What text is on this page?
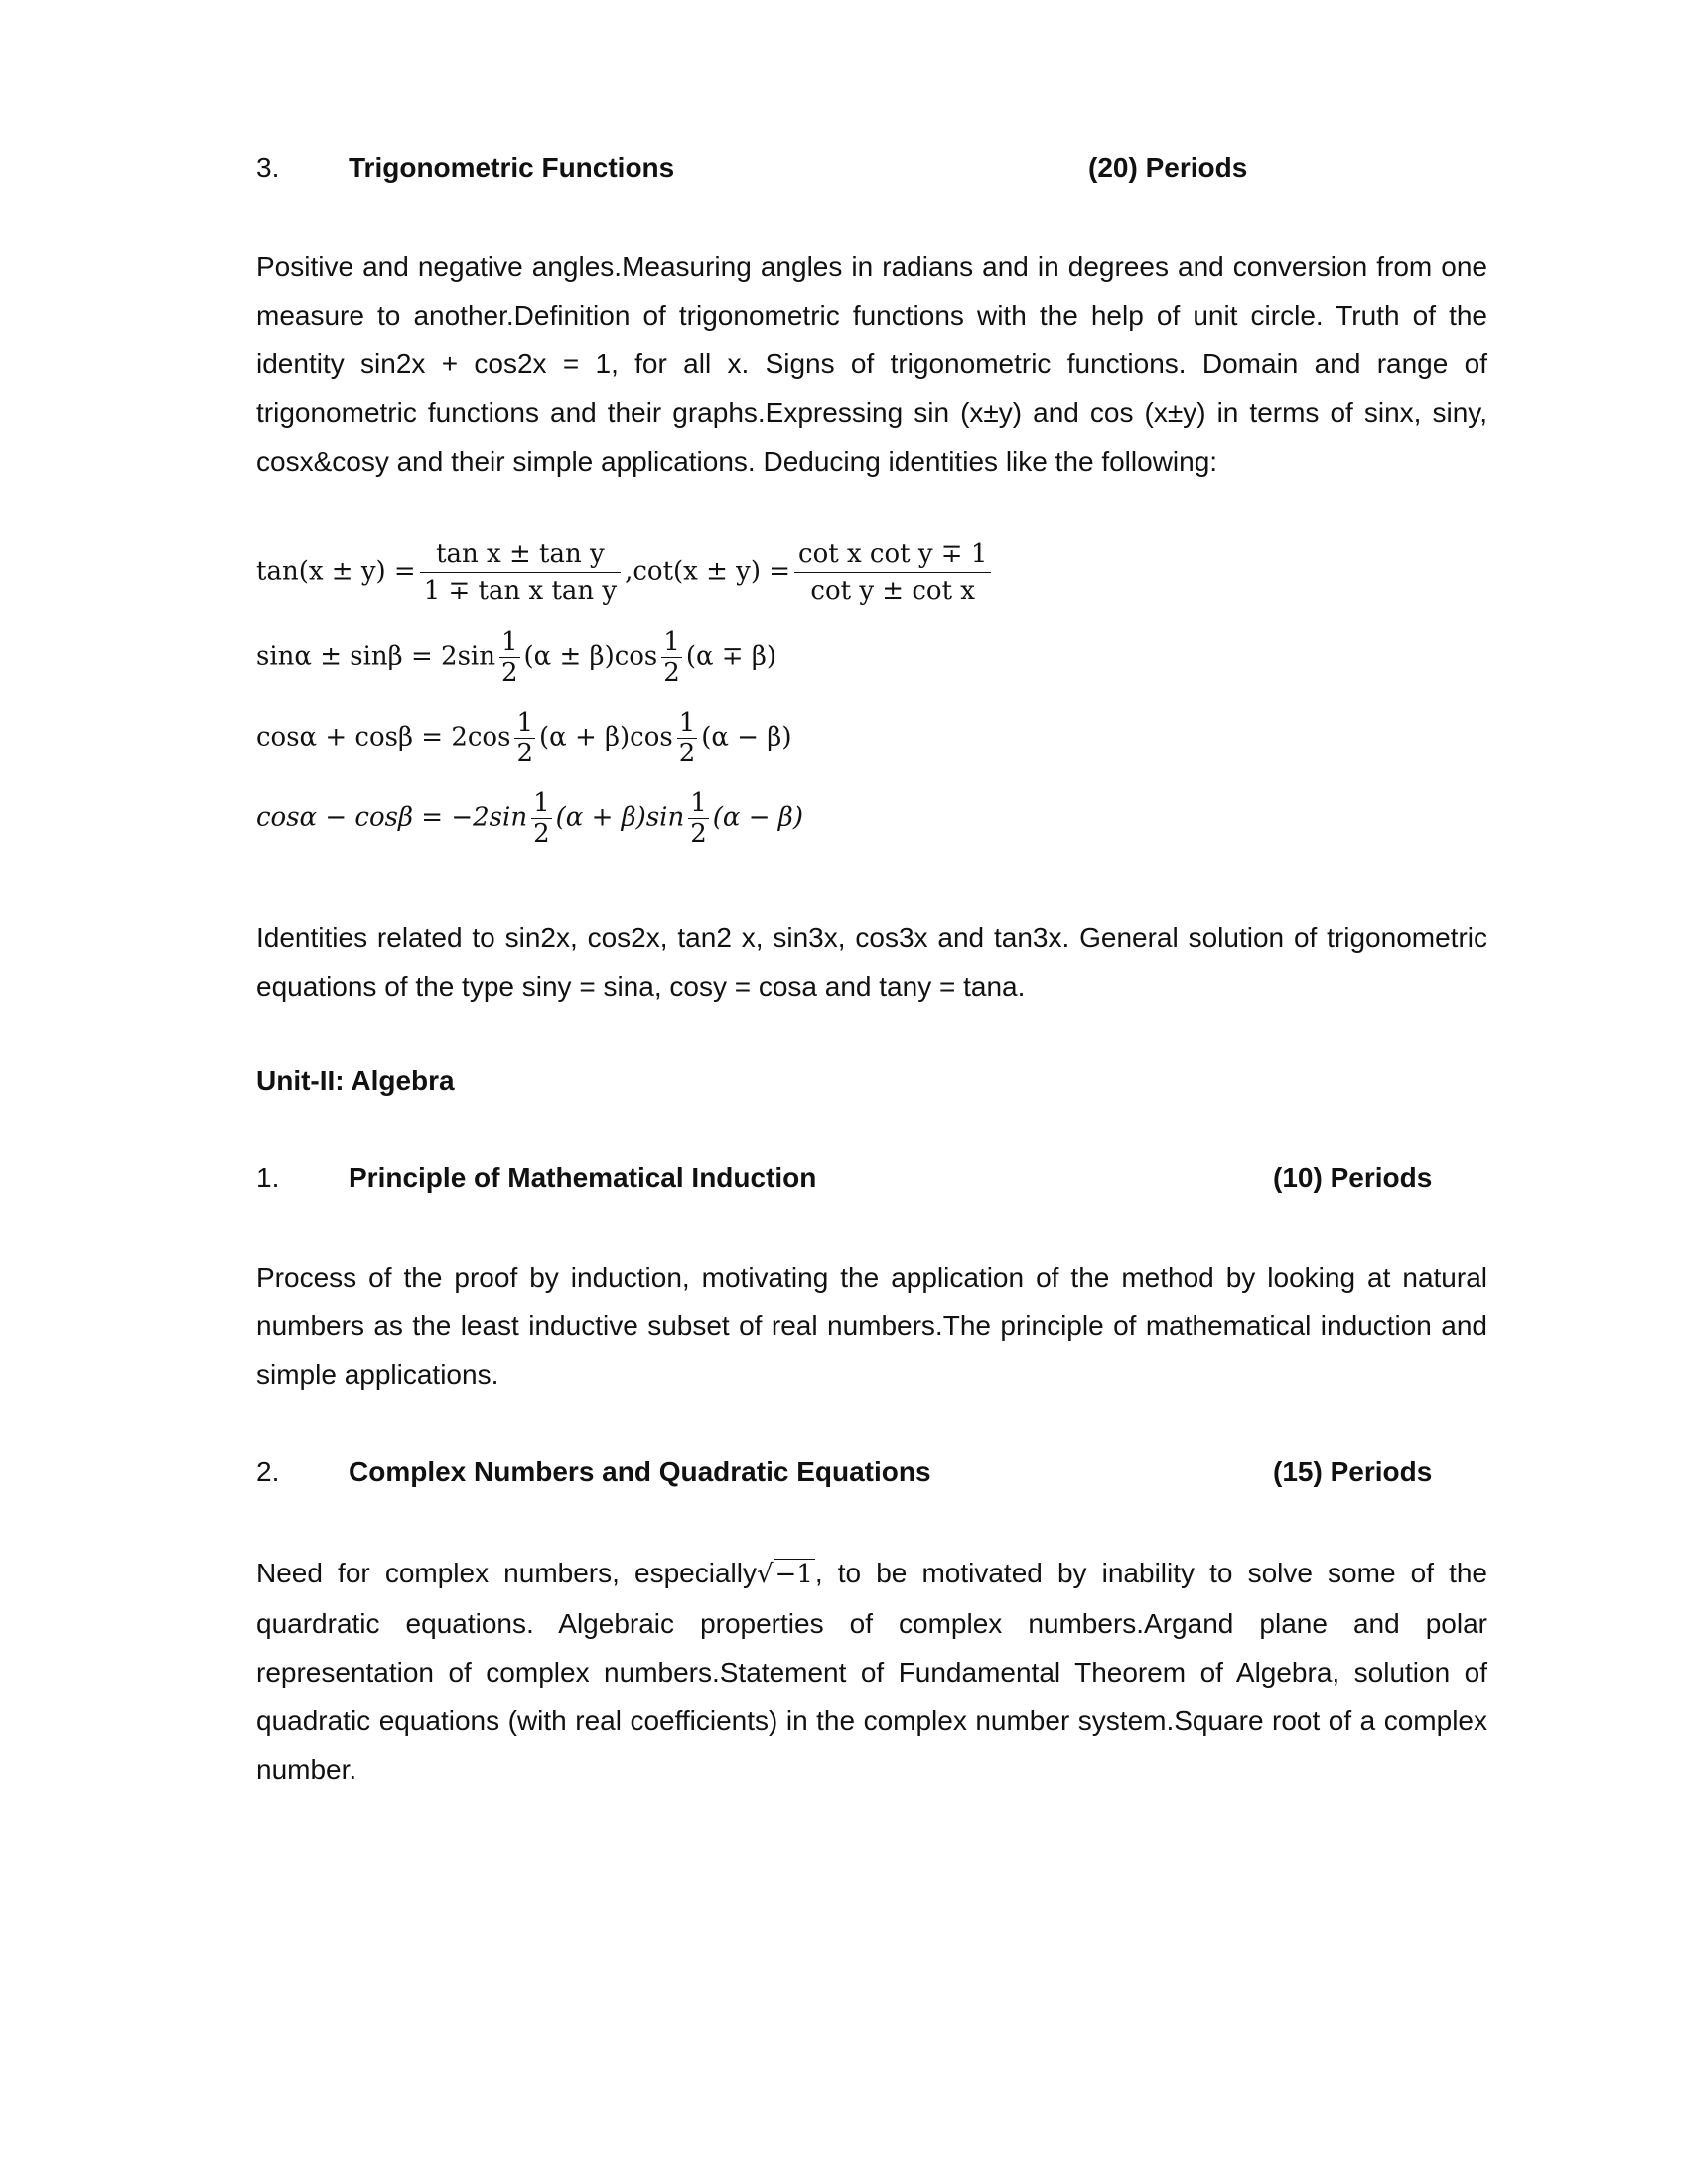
3. Trigonometric Functions	(20) Periods

Positive and negative angles.Measuring angles in radians and in degrees and conversion from one measure to another.Definition of trigonometric functions with the help of unit circle. Truth of the identity sin2x + cos2x = 1, for all x. Signs of trigonometric functions. Domain and range of trigonometric functions and their graphs.Expressing sin (x±y) and cos (x±y) in terms of sinx, siny, cosx&cosy and their simple applications. Deducing identities like the following:

$\tan(x \pm y) = \frac{\text{tan x ± tan y}}{\text{1 ∓ tan x tan y}} ,\cot(x \pm y) = \frac{\text{cot x cot y ∓ 1}}{\text{cot y ± cot x}}$
$\sin\alpha \pm \sin\beta = 2\sin \frac{1}{2} (\alpha \pm \beta)\cos \frac{1}{2} (\alpha \mp \beta)$
$\cos\alpha + \cos\beta = 2\cos \frac{1}{2} (\alpha + \beta)\cos \frac{1}{2} (\alpha - \beta)$
$\cos\alpha - \cos\beta = -2\sin \frac{1}{2} (\alpha + \beta)\sin \frac{1}{2} (\alpha - \beta)$

Identities related to sin2x, cos2x, tan2 x, sin3x, cos3x and tan3x. General solution of trigonometric equations of the type siny = sina, cosy = cosa and tany = tana.

Unit-II: Algebra
1. Principle of Mathematical Induction	(10) Periods

Process of the proof by induction, motivating the application of the method by looking at natural numbers as the least inductive subset of real numbers.The principle of mathematical induction and simple applications.

2. Complex Numbers and Quadratic Equations	(15) Periods

Need for complex numbers, especially√−1, to be motivated by inability to solve some of the quardratic equations. Algebraic properties of complex numbers.Argand plane and polar representation of complex numbers.Statement of Fundamental Theorem of Algebra, solution of quadratic equations (with real coefficients) in the complex number system.Square root of a complex number.
